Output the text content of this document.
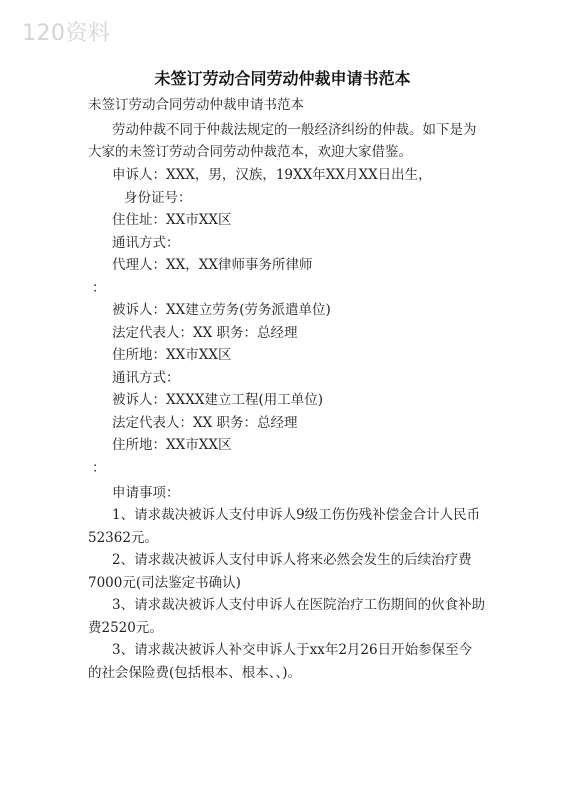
120资料
未签订劳动合同劳动仲裁申请书范本
未签订劳动合同劳动仲裁申请书范本
劳动仲裁不同于仲裁法规定的一般经济纠纷的仲裁。如下是为
大家的未签订劳动合同劳动仲裁范本，欢迎大家借鉴。
申诉人：XXX，男，汉族，19XX年XX月XX日出生，
身份证号：
住住址：XX市XX区
通讯方式：
代理人：XX，XX律师事务所律师
：
被诉人：XX建立劳务(劳务派遣单位)
法定代表人：XX 职务：总经理
住所地：XX市XX区
通讯方式：
被诉人：XXXX建立工程(用工单位)
法定代表人：XX 职务：总经理
住所地：XX市XX区
：
申请事项：
1、请求裁决被诉人支付申诉人9级工伤伤残补偿金合计人民币
52362元。
2、请求裁决被诉人支付申诉人将来必然会发生的后续治疗费
7000元(司法鉴定书确认)
3、请求裁决被诉人支付申诉人在医院治疗工伤期间的伙食补助
费2520元。
3、请求裁决被诉人补交申诉人于xx年2月26日开始参保至今
的社会保险费(包括根本、根本、、)。
